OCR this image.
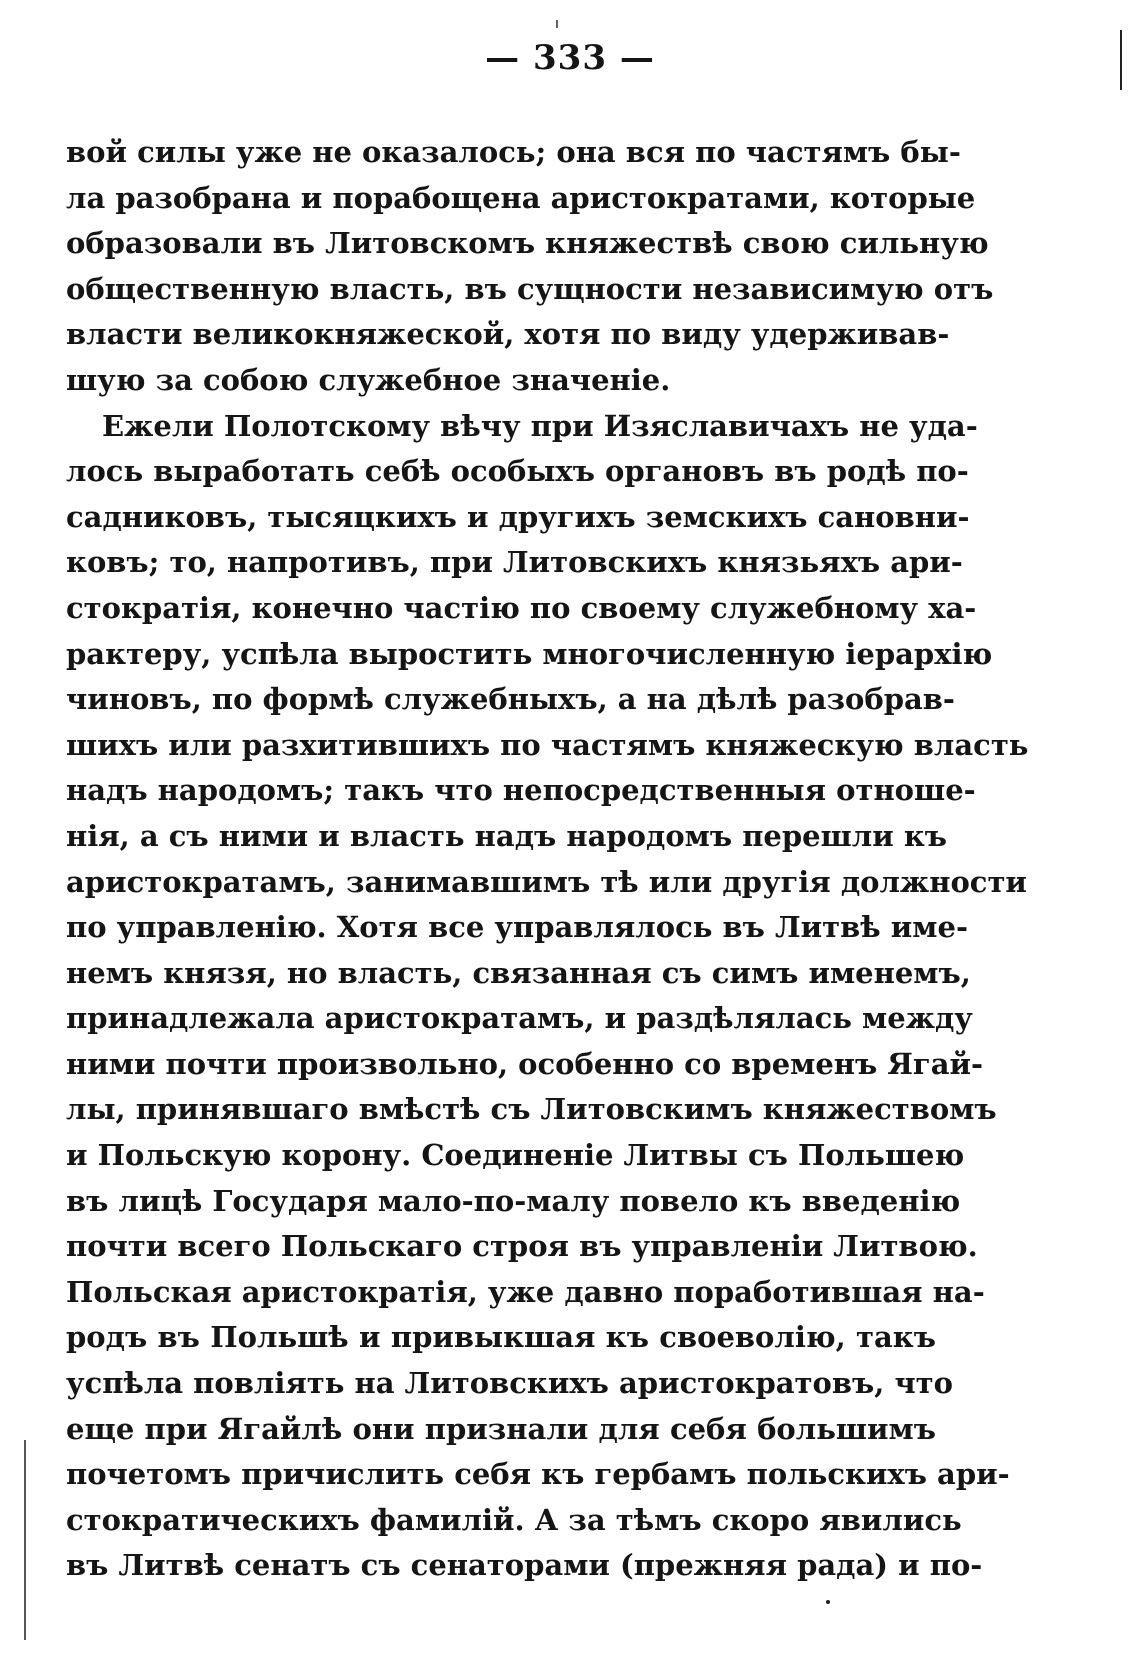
— 333 —
вой силы уже не оказалось; она вся по частямъ бы-
ла разобрана и порабощена аристократами, которые
образовали въ Литовскомъ княжествѣ свою сильную
общественную власть, въ сущности независимую отъ
власти великокняжеской, хотя по виду удерживав-
шую за собою служебное значенiе.
Ежели Полотскому вѣчу при Изяславичахъ не уда-
лось выработать себѣ особыхъ органовъ въ родѣ по-
садниковъ, тысяцкихъ и другихъ земскихъ сановни-
ковъ; то, напротивъ, при Литовскихъ князьяхъ ари-
стократiя, конечно частiю по своему служебному ха-
рактеру, успѣла выростить многочисленную iерархiю
чиновъ, по формѣ служебныхъ, а на дѣлѣ разобрав-
шихъ или разхитившихъ по частямъ княжескую власть
надъ народомъ; такъ что непосредственныя отноше-
нiя, а съ ними и власть надъ народомъ перешли къ
аристократамъ, занимавшимъ тѣ или другiя должности
по управленiю. Хотя все управлялось въ Литвѣ име-
немъ князя, но власть, связанная съ симъ именемъ,
принадлежала аристократамъ, и раздѣлялась между
ними почти произвольно, особенно со временъ Ягай-
лы, принявшаго вмѣстѣ съ Литовскимъ княжествомъ
и Польскую корону. Соединенiе Литвы съ Польшею
въ лицѣ Государя мало-по-малу повело къ введенiю
почти всего Польскаго строя въ управленiи Литвою.
Польская аристократiя, уже давно поработившая на-
родъ въ Польшѣ и привыкшая къ своеволiю, такъ
успѣла повлiять на Литовскихъ аристократовъ, что
еще при Ягайлѣ они признали для себя большимъ
почетомъ причислить себя къ гербамъ польскихъ ари-
стократическихъ фамилiй. А за тѣмъ скоро явились
въ Литвѣ сенатъ съ сенаторами (прежняя рада) и по-
